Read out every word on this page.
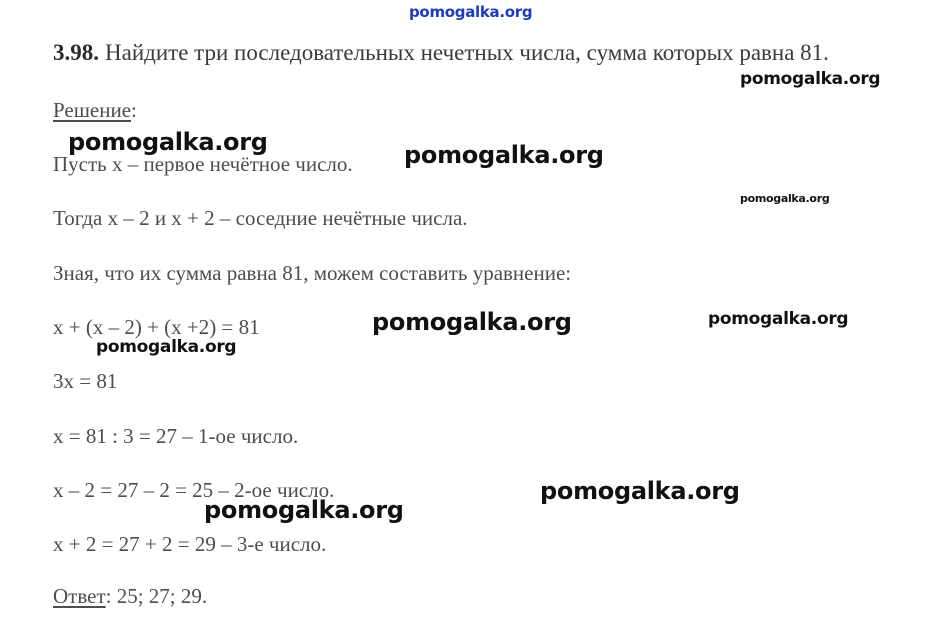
pomogalka.org
3.98. Найдите три последовательных нечетных числа, сумма которых равна 81.
Решение:
Пусть x – первое нечётное число.
Тогда x – 2 и x + 2 – соседние нечётные числа.
Зная, что их сумма равна 81, можем составить уравнение:
x + (x – 2) + (x +2) = 81
3x = 81
x = 81 : 3 = 27 – 1-ое число.
x – 2 = 27 – 2 = 25 – 2-ое число.
x + 2 = 27 + 2 = 29 – 3-е число.
Ответ: 25; 27; 29.
pomogalka.org
pomogalka.org	pomogalka.org
pomogalka.org
pomogalka.org	pomogalka.org
pomogalka.org
pomogalka.org
pomogalka.org
